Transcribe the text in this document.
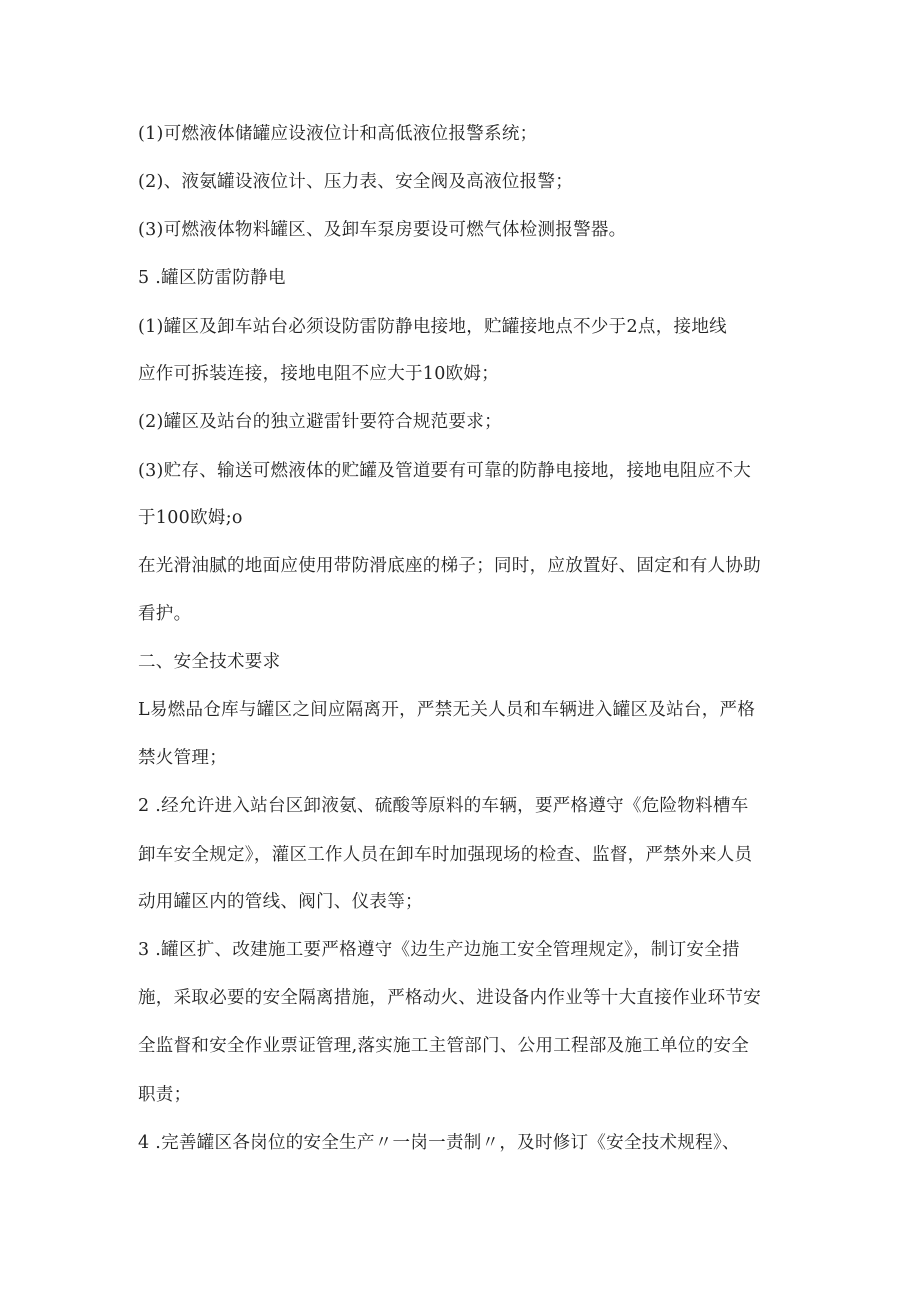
(1)可燃液体储罐应设液位计和高低液位报警系统；
(2)、液氨罐设液位计、压力表、安全阀及高液位报警；
(3)可燃液体物料罐区、及卸车泵房要设可燃气体检测报警器。
5 .罐区防雷防静电
(1)罐区及卸车站台必须设防雷防静电接地，贮罐接地点不少于2点，接地线
应作可拆装连接，接地电阻不应大于10欧姆；
(2)罐区及站台的独立避雷针要符合规范要求；
(3)贮存、输送可燃液体的贮罐及管道要有可靠的防静电接地，接地电阻应不大
于100欧姆;o
在光滑油腻的地面应使用带防滑底座的梯子；同时，应放置好、固定和有人协助
看护。
二、安全技术要求
L易燃品仓库与罐区之间应隔离开，严禁无关人员和车辆进入罐区及站台，严格
禁火管理；
2 .经允许进入站台区卸液氨、硫酸等原料的车辆，要严格遵守《危险物料槽车
卸车安全规定》，灌区工作人员在卸车时加强现场的检查、监督，严禁外来人员
动用罐区内的管线、阀门、仪表等；
3 .罐区扩、改建施工要严格遵守《边生产边施工安全管理规定》，制订安全措
施，采取必要的安全隔离措施，严格动火、进设备内作业等十大直接作业环节安
全监督和安全作业票证管理,落实施工主管部门、公用工程部及施工单位的安全
职责；
4 .完善罐区各岗位的安全生产〃一岗一责制〃，及时修订《安全技术规程》、
